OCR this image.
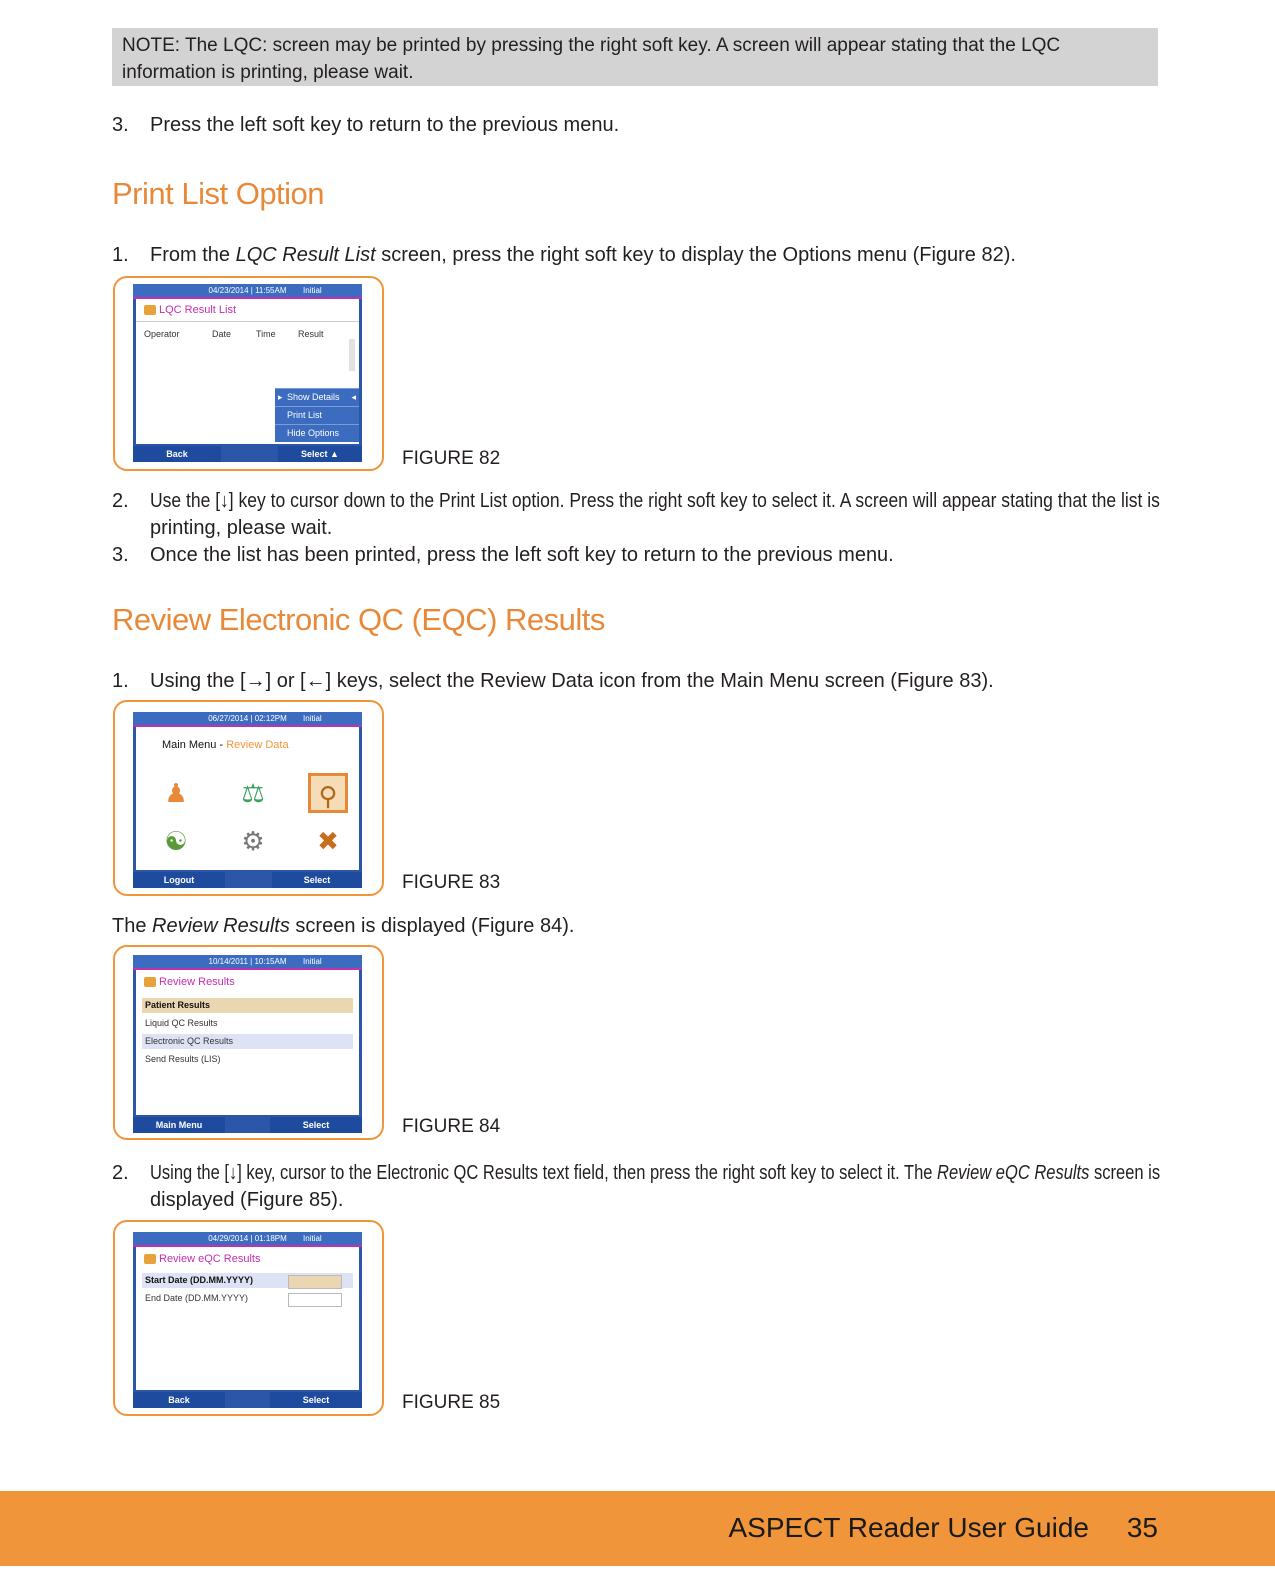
NOTE: The LQC: screen may be printed by pressing the right soft key. A screen will appear stating that the LQC information is printing, please wait.
3. Press the left soft key to return to the previous menu.
Print List Option
1. From the LQC Result List screen, press the right soft key to display the Options menu (Figure 82).
04/23/2014 | 11:55AM Initial
LQC Result List
Operator	Date	Time Result
▸ Show Details ◂
Print List
Hide Options
Back	Select ▲	FIGURE 82
2. Use the [↓] key to cursor down to the Print List option. Press the right soft key to select it. A screen will appear stating that the list is
printing, please wait.
3. Once the list has been printed, press the left soft key to return to the previous menu.
Review Electronic QC (EQC) Results
1. Using the [→] or [←] keys, select the Review Data icon from the Main Menu screen (Figure 83).
06/27/2014 | 02:12PM Initial
Main Menu - Review Data
♟	⚖	⚲
☯	⚙	✖
Logout	Select	FIGURE 83
The Review Results screen is displayed (Figure 84).
10/14/2011 | 10:15AM Initial
Review Results
Patient Results
Liquid QC Results
Electronic QC Results
Send Results (LIS)
Main Menu	Select	FIGURE 84
2. Using the [↓] key, cursor to the Electronic QC Results text field, then press the right soft key to select it. The Review eQC Results screen is
displayed (Figure 85).
04/29/2014 | 01:18PM Initial
Review eQC Results
Start Date (DD.MM.YYYY)
End Date (DD.MM.YYYY)
Back	Select	FIGURE 85
ASPECT Reader User Guide 35
